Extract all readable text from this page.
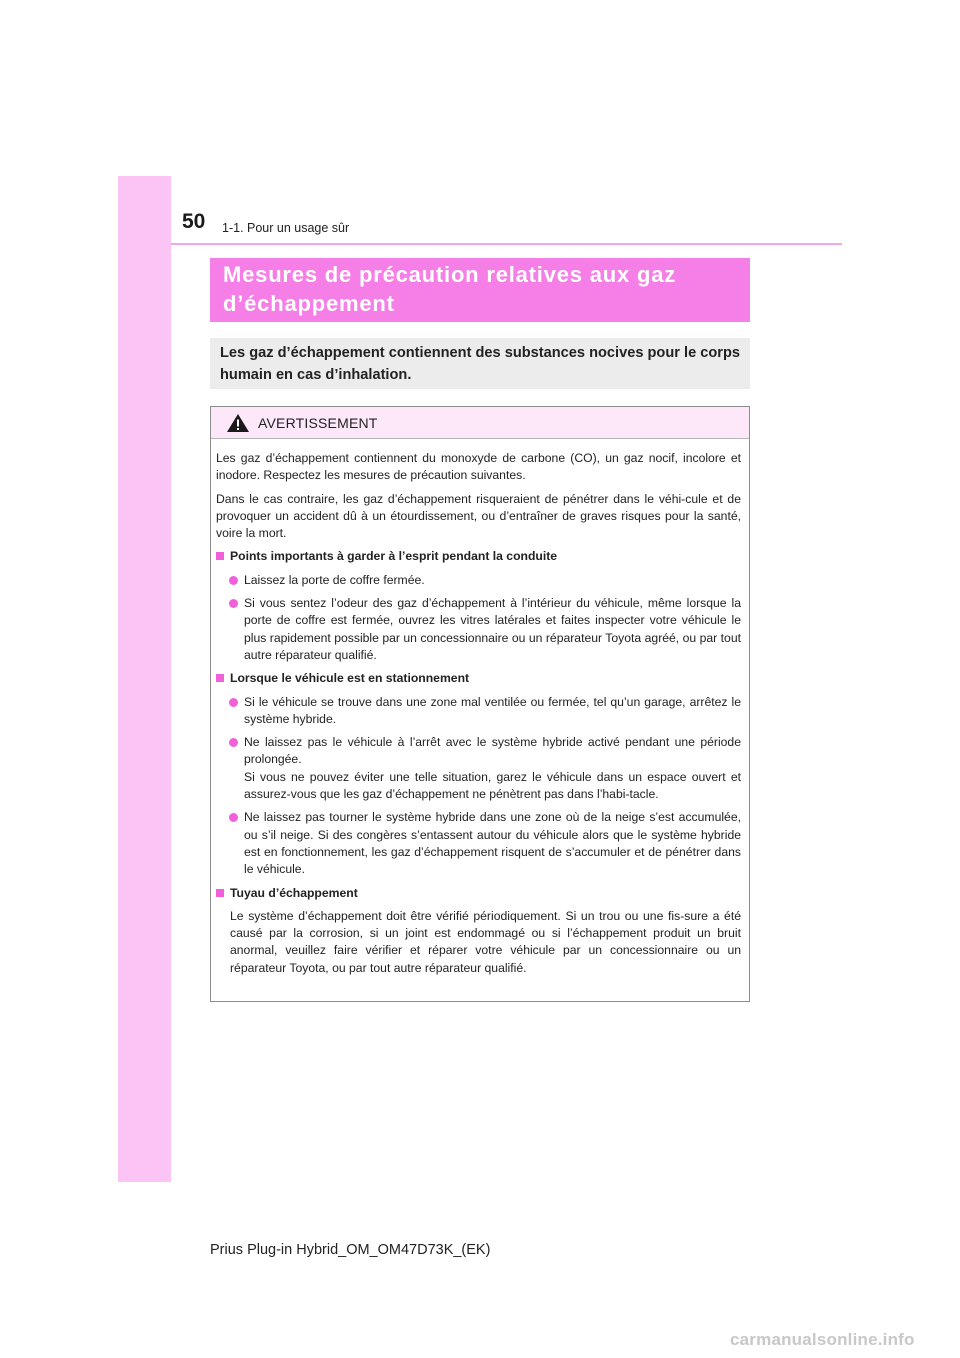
50 1-1. Pour un usage sûr
Mesures de précaution relatives aux gaz
d’échappement
Les gaz d’échappement contiennent des substances nocives pour le corps humain en cas d’inhalation.
AVERTISSEMENT

Les gaz d’échappement contiennent du monoxyde de carbone (CO), un gaz nocif, incolore et inodore. Respectez les mesures de précaution suivantes.

Dans le cas contraire, les gaz d’échappement risqueraient de pénétrer dans le véhi-cule et de provoquer un accident dû à un étourdissement, ou d’entraîner de graves risques pour la santé, voire la mort.

Points importants à garder à l’esprit pendant la conduite
Laissez la porte de coffre fermée.
Si vous sentez l’odeur des gaz d’échappement à l’intérieur du véhicule, même lorsque la porte de coffre est fermée, ouvrez les vitres latérales et faites inspecter votre véhicule le plus rapidement possible par un concessionnaire ou un réparateur Toyota agréé, ou par tout autre réparateur qualifié.
Lorsque le véhicule est en stationnement
Si le véhicule se trouve dans une zone mal ventilée ou fermée, tel qu’un garage, arrêtez le système hybride.
Ne laissez pas le véhicule à l’arrêt avec le système hybride activé pendant une période prolongée.
Si vous ne pouvez éviter une telle situation, garez le véhicule dans un espace ouvert et assurez-vous que les gaz d’échappement ne pénètrent pas dans l’habi-tacle.
Ne laissez pas tourner le système hybride dans une zone où de la neige s’est accumulée, ou s’il neige. Si des congères s’entassent autour du véhicule alors que le système hybride est en fonctionnement, les gaz d’échappement risquent de s’accumuler et de pénétrer dans le véhicule.
Tuyau d’échappement

Le système d’échappement doit être vérifié périodiquement. Si un trou ou une fis-sure a été causé par la corrosion, si un joint est endommagé ou si l’échappement produit un bruit anormal, veuillez faire vérifier et réparer votre véhicule par un concessionnaire ou un réparateur Toyota, ou par tout autre réparateur qualifié.

Prius Plug-in Hybrid_OM_OM47D73K_(EK)
carmanualsonline.info
